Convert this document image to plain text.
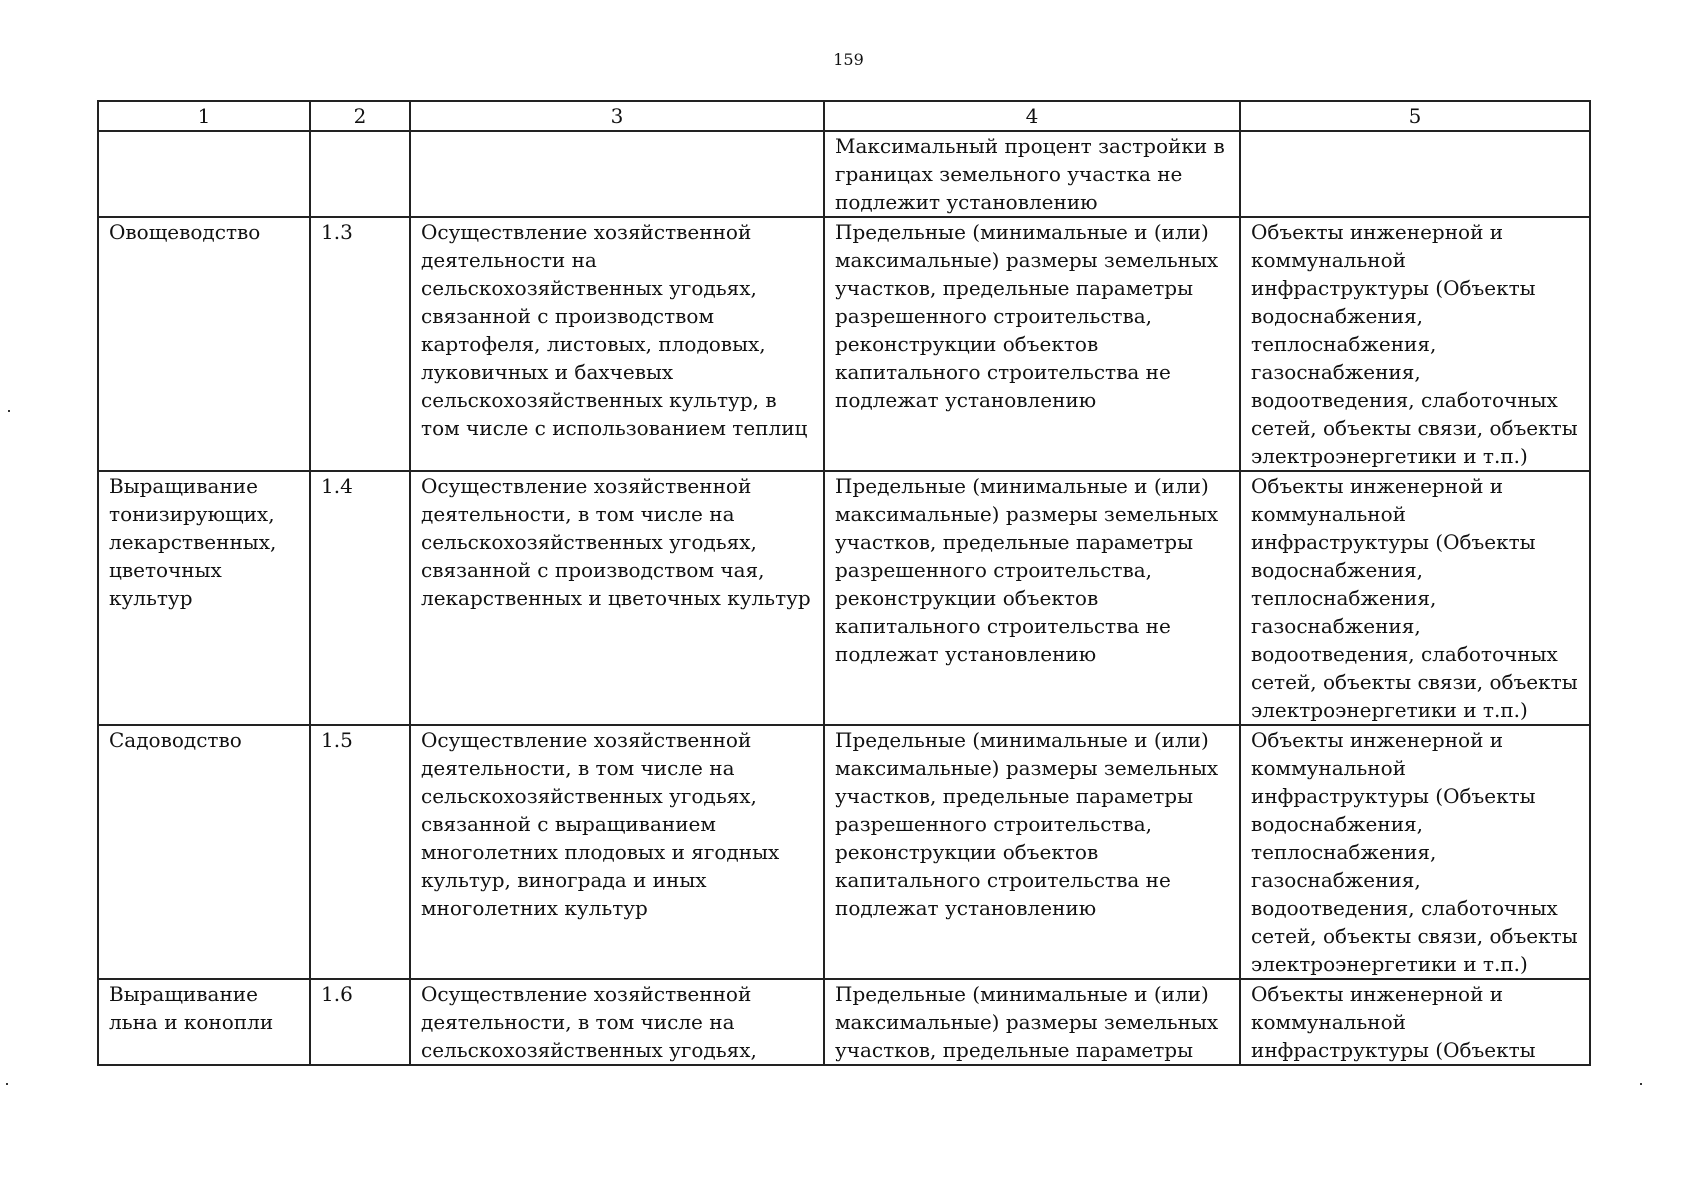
159
1	2	3	4	5

			Максимальный процент застройки в границах земельного участка не подлежит установлению	

Овощеводство	1.3	Осуществление хозяйственной деятельности на сельскохозяйственных угодьях, связанной с производством картофеля, листовых, плодовых, луковичных и бахчевых сельскохозяйственных культур, в том числе с использованием теплиц	Предельные (минимальные и (или) максимальные) размеры земельных участков, предельные параметры разрешенного строительства, реконструкции объектов капитального строительства не подлежат установлению	Объекты инженерной и коммунальной инфраструктуры (Объекты водоснабжения, теплоснабжения, газоснабжения, водоотведения, слаботочных сетей, объекты связи, объекты электроэнергетики и т.п.)

Выращивание тонизирующих, лекарственных, цветочных культур	1.4	Осуществление хозяйственной деятельности, в том числе на сельскохозяйственных угодьях, связанной с производством чая, лекарственных и цветочных культур	Предельные (минимальные и (или) максимальные) размеры земельных участков, предельные параметры разрешенного строительства, реконструкции объектов капитального строительства не подлежат установлению	Объекты инженерной и коммунальной инфраструктуры (Объекты водоснабжения, теплоснабжения, газоснабжения, водоотведения, слаботочных сетей, объекты связи, объекты электроэнергетики и т.п.)

Садоводство	1.5	Осуществление хозяйственной деятельности, в том числе на сельскохозяйственных угодьях, связанной с выращиванием многолетних плодовых и ягодных культур, винограда и иных многолетних культур	Предельные (минимальные и (или) максимальные) размеры земельных участков, предельные параметры разрешенного строительства, реконструкции объектов капитального строительства не подлежат установлению	Объекты инженерной и коммунальной инфраструктуры (Объекты водоснабжения, теплоснабжения, газоснабжения, водоотведения, слаботочных сетей, объекты связи, объекты электроэнергетики и т.п.)

Выращивание льна и конопли	1.6	Осуществление хозяйственной деятельности, в том числе на сельскохозяйственных угодьях,	Предельные (минимальные и (или) максимальные) размеры земельных участков, предельные параметры	Объекты инженерной и коммунальной инфраструктуры (Объекты
